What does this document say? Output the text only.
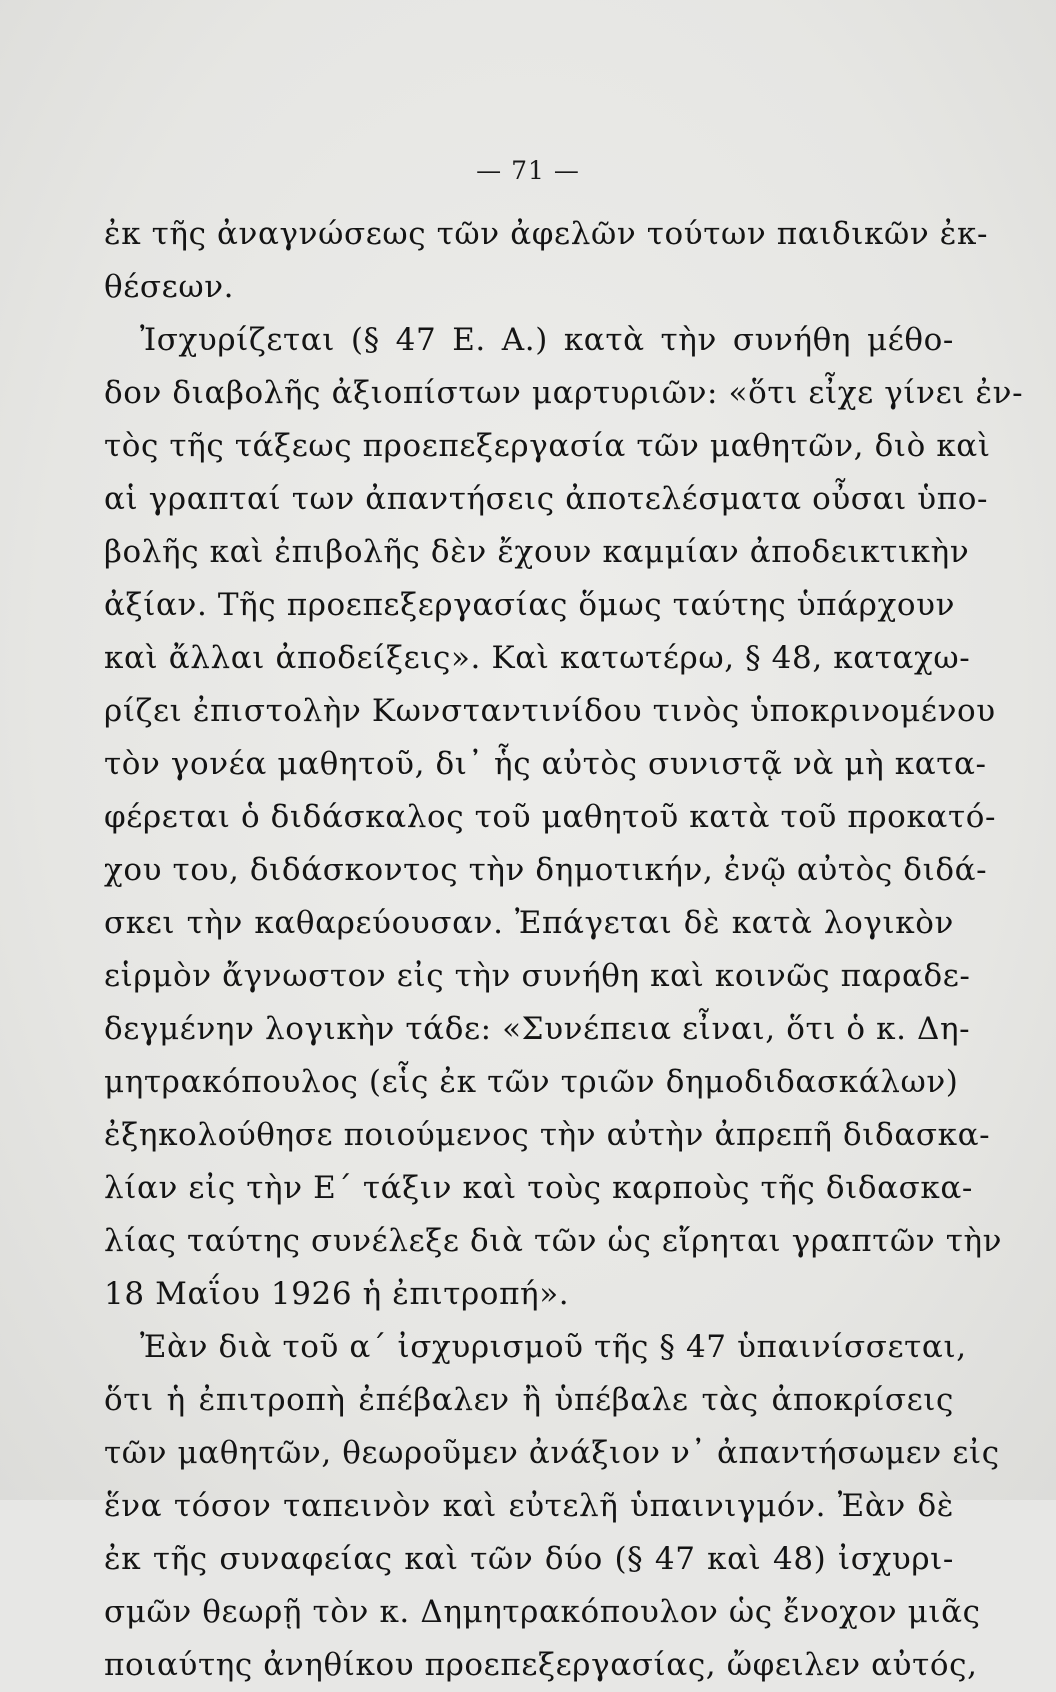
— 71 —
ἐκ τῆς ἀναγνώσεως τῶν ἀφελῶν τούτων παιδικῶν ἐκ-
θέσεων.
Ἰσχυρίζεται (§ 47 Ε. Α.) κατὰ τὴν συνήθη μέθο-
δον διαβολῆς ἀξιοπίστων μαρτυριῶν: «ὅτι εἶχε γίνει ἐν-
τὸς τῆς τάξεως προεπεξεργασία τῶν μαθητῶν, διὸ καὶ
αἱ γραπταί των ἀπαντήσεις ἀποτελέσματα οὖσαι ὑπο-
βολῆς καὶ ἐπιβολῆς δὲν ἔχουν καμμίαν ἀποδεικτικὴν
ἀξίαν. Τῆς προεπεξεργασίας ὅμως ταύτης ὑπάρχουν
καὶ ἄλλαι ἀποδείξεις». Καὶ κατωτέρω, § 48, καταχω-
ρίζει ἐπιστολὴν Κωνσταντινίδου τινὸς ὑποκρινομένου
τὸν γονέα μαθητοῦ, δι᾽ ἧς αὐτὸς συνιστᾷ νὰ μὴ κατα-
φέρεται ὁ διδάσκαλος τοῦ μαθητοῦ κατὰ τοῦ προκατό-
χου του, διδάσκοντος τὴν δημοτικήν, ἐνῷ αὐτὸς διδά-
σκει τὴν καθαρεύουσαν. Ἐπάγεται δὲ κατὰ λογικὸν
εἱρμὸν ἄγνωστον εἰς τὴν συνήθη καὶ κοινῶς παραδε-
δεγμένην λογικὴν τάδε: «Συνέπεια εἶναι, ὅτι ὁ κ. Δη-
μητρακόπουλος (εἷς ἐκ τῶν τριῶν δημοδιδασκάλων)
ἐξηκολούθησε ποιούμενος τὴν αὐτὴν ἀπρεπῆ διδασκα-
λίαν εἰς τὴν Ε΄ τάξιν καὶ τοὺς καρποὺς τῆς διδασκα-
λίας ταύτης συνέλεξε διὰ τῶν ὡς εἴρηται γραπτῶν τὴν
18 Μαΐου 1926 ἡ ἐπιτροπή».
Ἐὰν διὰ τοῦ α΄ ἰσχυρισμοῦ τῆς § 47 ὑπαινίσσεται,
ὅτι ἡ ἐπιτροπὴ ἐπέβαλεν ἢ ὑπέβαλε τὰς ἀποκρίσεις
τῶν μαθητῶν, θεωροῦμεν ἀνάξιον ν᾽ ἀπαντήσωμεν εἰς
ἕνα τόσον ταπεινὸν καὶ εὐτελῆ ὑπαινιγμόν. Ἐὰν δὲ
ἐκ τῆς συναφείας καὶ τῶν δύο (§ 47 καὶ 48) ἰσχυρι-
σμῶν θεωρῇ τὸν κ. Δημητρακόπουλον ὡς ἔνοχον μιᾶς
ποιαύτης ἀνηθίκου προεπεξεργασίας, ὤφειλεν αὐτός,
